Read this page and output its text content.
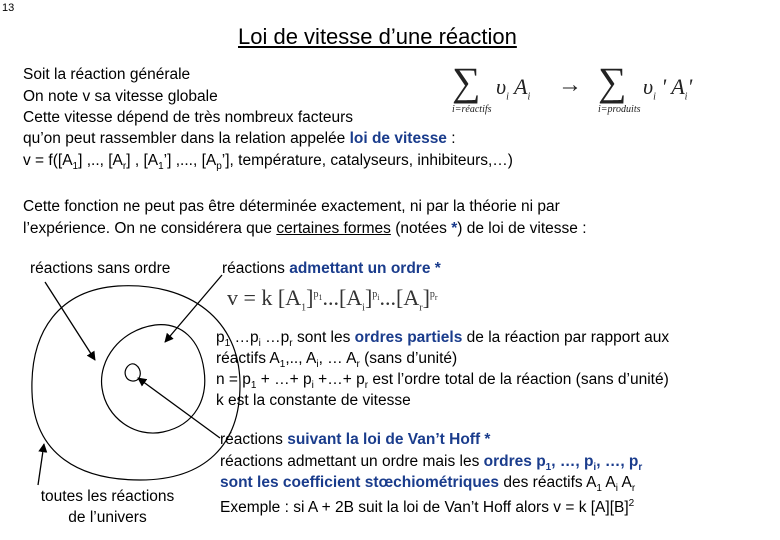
13
Loi de vitesse d’une réaction
Soit la réaction générale
On note v sa vitesse globale
Cette vitesse dépend de très nombreux facteurs
qu’on peut rassembler dans la relation appelée loi de vitesse :
$v = f([A_1]$ ,.., $[A_r]$ , $[A_1’]$ ,..., $[A_p’]$, température, catalyseurs, inhibiteurs,…)
∑ $\upsilon_i$ $A_i$ → ∑ $\upsilon_i$ ' $A_i'$
i=réactifs	i=produits
Cette fonction ne peut pas être déterminée exactement, ni par la théorie ni par
l’expérience. On ne considérera que certaines formes (notées *) de loi de vitesse :
réactions sans ordre
toutes les réactions
de l’univers
réactions admettant un ordre *
v = k $[A_1]^{p_1}...[A_i]^{p_i}...[A_r]^{p_r}$
$p_1$ $\dots p_i$ $\dots p_r$ sont les ordres partiels de la réaction par rapport aux
réactifs $A_1$,.., $A_i$, … $A_r$ (sans d’unité)
$n = p_1$ + …+ $p_i$ +…+ $p_r$ est l’ordre total de la réaction (sans d’unité)
k est la constante de vitesse
réactions suivant la loi de Van’t Hoff *
réactions admettant un ordre mais les ordres $p_1$, …, $p_i$, …, $p_r$
sont les coefficient stœchiométriques des réactifs $A_1$ $A_i$ $A_r$
Exemple : si A + 2B suit la loi de Van’t Hoff alors v = k $[A][B]^2$
